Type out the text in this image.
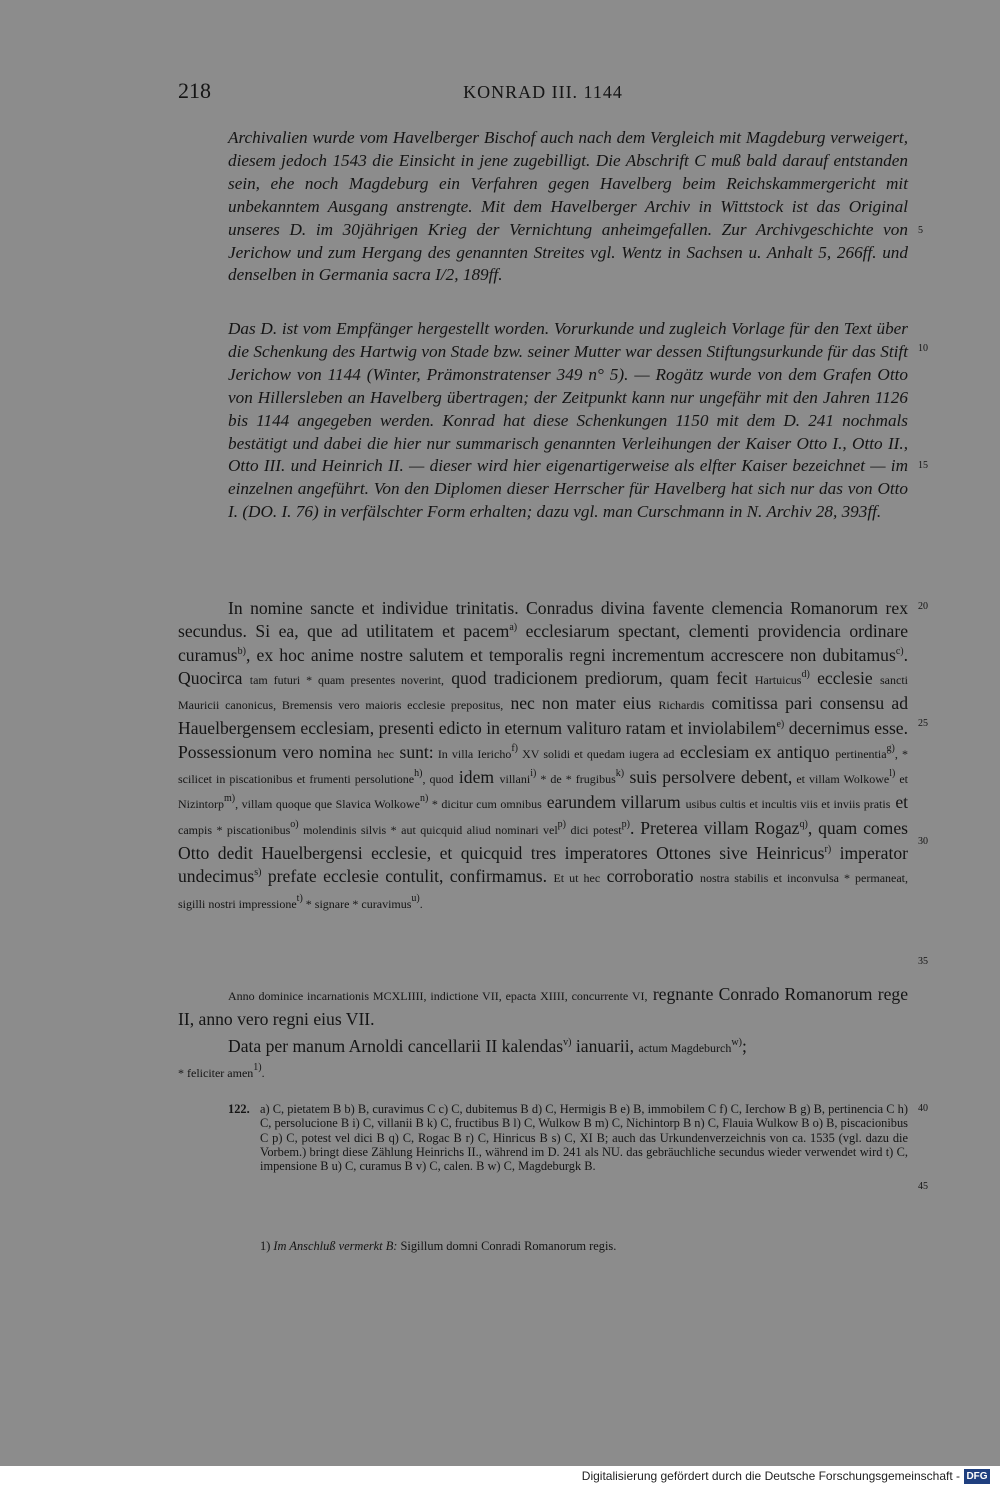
218	KONRAD III. 1144
Archivalien wurde vom Havelberger Bischof auch nach dem Vergleich mit Magdeburg verweigert, diesem jedoch 1543 die Einsicht in jene zugebilligt. Die Abschrift C muß bald darauf entstanden sein, ehe noch Magdeburg ein Verfahren gegen Havelberg beim Reichskammergericht mit unbekanntem Ausgang anstrengte. Mit dem Havelberger Archiv in Wittstock ist das Original unseres D. im 30jährigen Krieg der Vernichtung anheimgefallen. Zur Archivgeschichte von Jerichow und zum Hergang des genannten Streites vgl. Wentz in Sachsen u. Anhalt 5, 266ff. und denselben in Germania sacra I/2, 189ff.
Das D. ist vom Empfänger hergestellt worden. Vorurkunde und zugleich Vorlage für den Text über die Schenkung des Hartwig von Stade bzw. seiner Mutter war dessen Stiftungsurkunde für das Stift Jerichow von 1144 (Winter, Prämonstratenser 349 n° 5). — Rogätz wurde von dem Grafen Otto von Hillersleben an Havelberg übertragen; der Zeitpunkt kann nur ungefähr mit den Jahren 1126 bis 1144 angegeben werden. Konrad hat diese Schenkungen 1150 mit dem D. 241 nochmals bestätigt und dabei die hier nur summarisch genannten Verleihungen der Kaiser Otto I., Otto II., Otto III. und Heinrich II. — dieser wird hier eigenartigerweise als elfter Kaiser bezeichnet — im einzelnen angeführt. Von den Diplomen dieser Herrscher für Havelberg hat sich nur das von Otto I. (DO. I. 76) in verfälschter Form erhalten; dazu vgl. man Curschmann in N. Archiv 28, 393ff.
In nomine sancte et individue trinitatis. Conradus divina favente clemencia Romanorum rex secundus. Si ea, que ad utilitatem et pacem$^{a)}$ ecclesiarum spectant, clementi providencia ordinare curamus$^{b)}$, ex hoc anime nostre salutem et temporalis regni incrementum accrescere non dubitamus$^{c)}$. Quocirca tam futuri * quam presentes noverint, quod tradicionem prediorum, quam fecit Hartuicus$^{d)}$ ecclesie sancti Mauricii canonicus, Bremensis vero maioris ecclesie prepositus, nec non mater eius Richardis comitissa pari consensu ad Hauelbergensem ecclesiam, presenti edicto in eternum valiturо ratam et inviolabilem$^{e)}$ decernimus esse. Possessionum vero nomina hec sunt: In villa Iericho$^{f)}$ XV solidi et quedam iugera ad ecclesiam ex antiquo pertinentia$^{g)}$, * scilicet in piscationibus et frumenti persolutione$^{h)}$, quod idem villani$^{i)}$ * de * frugibus$^{k)}$ suis persolvere debent, et villam Wolkowe$^{l)}$ et Nizintorp$^{m)}$, villam quoque que Slavica Wolkowe$^{n)}$ * dicitur cum omnibus earundem villarum usibus cultis et incultis viis et inviis pratis et campis * piscationibus$^{o)}$ molendinis silvis * aut quicquid aliud nominari vel$^{p)}$ dici potest$^{p)}$. Preterea villam Rogaz$^{q)}$, quam comes Otto dedit Hauelbergensi ecclesie, et quicquid tres imperatores Ottones sive Heinricus$^{r)}$ imperator undecimus$^{s)}$ prefate ecclesie contulit, confirmamus. Et ut hec corroboratio nostra stabilis et inconvulsa * permaneat, sigilli nostri impressione$^{t)}$ * signare * curavimus$^{u)}$.
Anno dominice incarnationis MCXLIIII, indictione VII, epacta XIIII, concurrente VI, regnante Conrado Romanorum rege II, anno vero regni eius VII.
Data per manum Arnoldi cancellarii II kalendas$^{v)}$ ianuarii, actum Magdeburch$^{w)}$;
* feliciter amen$^{1)}$.
5
10
15
20
25
30
35
40
45
122. a) C, pietatem B b) B, curavimus C c) C, dubitemus B d) C, Hermigis B e) B, immobilem C f) C, Ierchow B g) B, pertinencia C h) C, persolucione B i) C, villanii B k) C, fructibus B l) C, Wulkow B m) C, Nichintorp B n) C, Flauia Wulkow B o) B, piscacionibus C p) C, potest vel dici B q) C, Rogac B r) C, Hinricus B s) C, XI B; auch das Urkundenverzeichnis von ca. 1535 (vgl. dazu die Vorbem.) bringt diese Zählung Heinrichs II., während im D. 241 als NU. das gebräuchliche secundus wieder verwendet wird t) C, impensione B u) C, curamus B v) C, calen. B w) C, Magdeburgk B.
1) Im Anschluß vermerkt B: Sigillum domni Conradi Romanorum regis.
Digitalisierung gefördert durch die Deutsche Forschungsgemeinschaft - DFG
